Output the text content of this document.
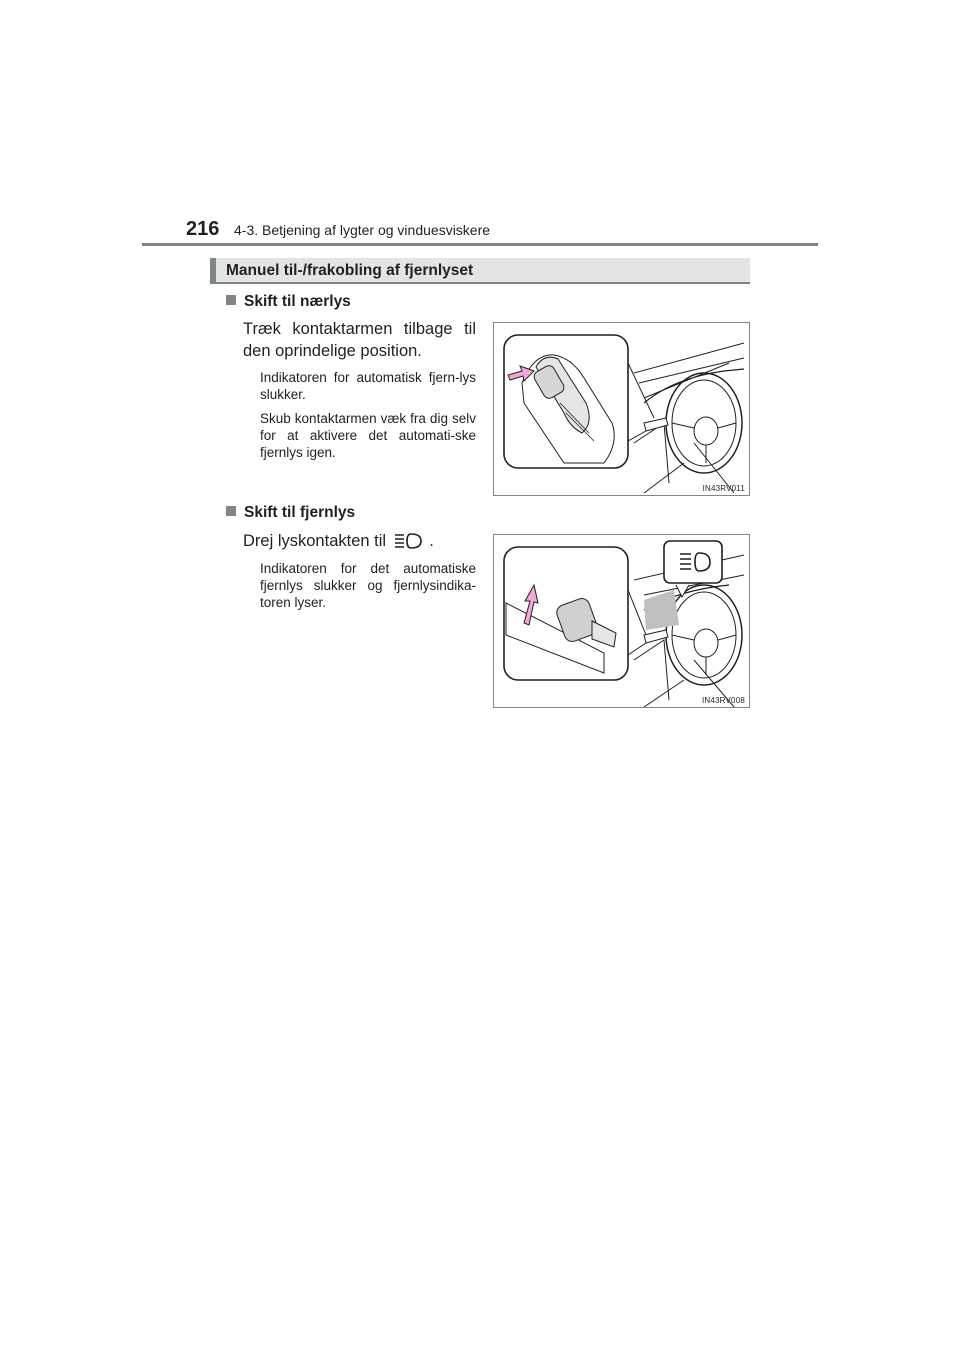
216 4-3. Betjening af lygter og vinduesviskere

Manuel til-/frakobling af fjernlyset

Skift til nærlys

Træk kontaktarmen tilbage til den oprindelige position.

Indikatoren for automatisk fjern-lys slukker.

Skub kontaktarmen væk fra dig selv for at aktivere det automati-ske fjernlys igen.

IN43RV011

Skift til fjernlys

Drej lyskontakten til	.

Indikatoren for det automatiske fjernlys slukker og fjernlysindika-toren lyser.

IN43RV008
